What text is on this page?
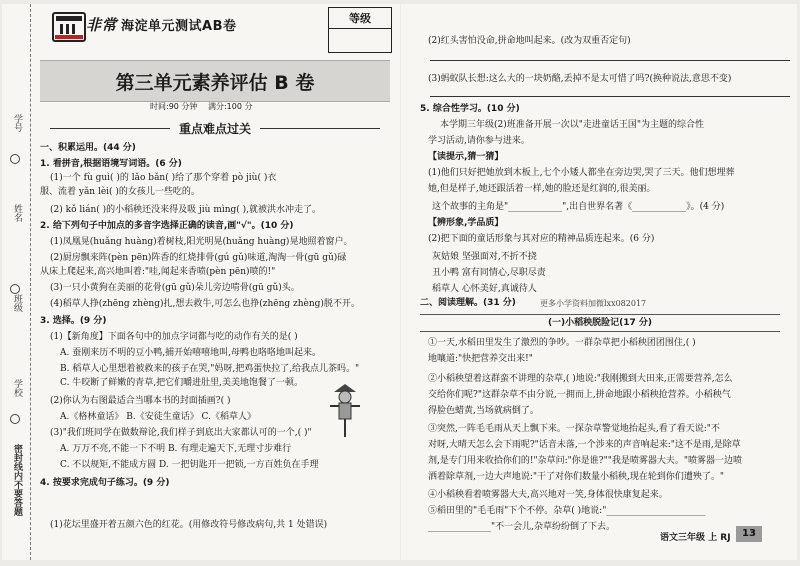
学号
姓名
班级
学校
密封线内不要答题
非常 海淀单元测试AB卷
等级
第三单元素养评估 B 卷
时间:90 分钟 满分:100 分
重点难点过关
一、积累运用。(44 分)
1. 看拼音,根据语境写词语。(6 分)
(1)一个 fù guì( )的 lǎo bǎn( )给了那个穿着 pò jiù( )衣
服、流着 yǎn lèi( )的女孩儿一些吃的。
(2) kǒ lián( )的小稻秧还没来得及吸 jiù mìng( ),就被洪水冲走了。
2. 给下列句子中加点的多音字选择正确的读音,画"√"。(10 分)
(1)凤凰晃(huǎng huàng)着树枝,阳光明晃(huǎng huàng)晃地照着窗户。
(2)厨房飘来阵(pèn pēn)阵香的红烧排骨(gú gǔ)味道,淘淘一骨(gū gǔ)碌
从床上爬起来,高兴地叫着:"哇,闻起来香喷(pèn pēn)喷的!"
(3)一只小黄狗在美丽的花骨(gū gǔ)朵儿旁边啃骨(gū gǔ)头。
(4)稻草人挣(zhēng zhèng)扎,想去救牛,可怎么也挣(zhēng zhèng)脱不开。
3. 选择。(9 分)
(1)【新角度】下面各句中的加点字词都与吃的动作有关的是( )
A. 蚕刚来历不明的豆小鸭,捕开始嘻嘻地叫,母鸭也咯咯地叫起来。
B. 稻草人心里想着被救来的孩子在哭,"妈呀,把鸡蛋快拉了,给我点儿茶吗。"
C. 牛咬断了鲜嫩的青草,把它们嚼进肚里,美美地饱餐了一顿。
(2)你认为右图最适合当哪本书的封面插画?( )
A.《格林童话》 B.《安徒生童话》 C.《稻草人》
(3)"我们班同学在做数辩论,我们样子到底出大家都认可的一个,( )"
A. 万万不亮,不能一下不明 B. 有理走遍天下,无理寸步难行
C. 不以规矩,不能成方圆 D. 一把钥匙开一把锁,一方百姓负在手理
4. 按要求完成句子练习。(9 分)
(1)花坛里盛开着五颜六色的红花。(用修改符号修改病句,共 1 处错误)
(2)红头害怕没命,拼命地叫起来。(改为双重否定句)
(3)蚂蚁队长想:这么大的一块奶酪,丢掉不是太可惜了吗?(换种说法,意思不变)
5. 综合性学习。(10 分)
本学期三年级(2)班准备开展一次以"走进童话王国"为主题的综合性
学习活动,请你参与进来。
【读提示,猜一猜】
(1)他们只好把她放到木板上,七个小矮人都坐在旁边哭,哭了三天。他们想埋葬
她,但是样子,她还跟活着一样,她的脸还是红润的,很美丽。
这个故事的主角是"____________",出自世界名著《____________》。(4 分)
【辨形象,学品质】
(2)把下面的童话形象与其对应的精神品质连起来。(6 分)
灰姑娘 坚强面对,不折不挠
丑小鸭 富有同情心,尽职尽责
稻草人 心怀美好,真诚待人
二、阅读理解。(31 分)	更多小学资料加微lxx082017
(一)小稻秧脱险记(17 分)
①一天,水稻田里发生了激烈的争吵。一群杂草把小稻秧团团围住,( )
地嚷道:"快把营养交出来!"
②小稻秧望着这群蛮不讲理的杂草,( )地说:"我刚搬到大田来,正需要营养,怎么
交给你们呢?"这群杂草不由分说,一拥而上,拼命地跟小稻秧抢营养。小稻秧气
得脸色蜡黄,当场就病倒了。
③突然,一阵毛毛雨从天上飘下来。一探杂草警觉地抬起头,看了看天说:"不
对呀,大晴天怎么会下雨呢?"话音未落,一个涉来的声音响起来:"这不是雨,是除草
剂,是专门用来收拾你们的!"杂草问:"你是谁?""我是喷雾器大夫。"喷雾器一边喷
洒着除草剂,一边大声地说:"干了对你们数量小稻秧,现在轮到你们遭殃了。"
④小稻秧看着喷雾器大夫,高兴地对一笑,身体很快康复起来。
⑤稻田里的"毛毛雨"下个不停。杂草( )地说:"______________________
______________"不一会儿,杂草纷纷倒了下去。
语文三年级 上 RJ	13
